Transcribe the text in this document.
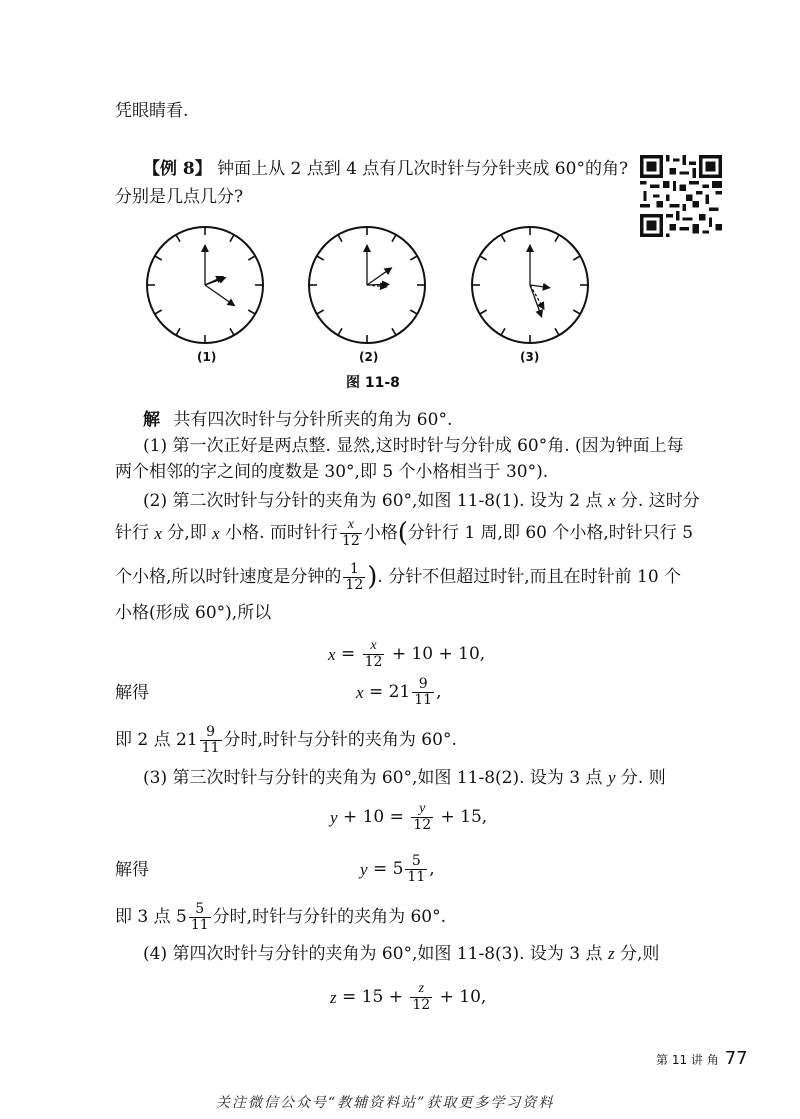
凭眼睛看.
【例 8】 钟面上从 2 点到 4 点有几次时针与分针夹成 60°的角?
分别是几点几分?
(1)	(2)	(3)
图 11-8
解 共有四次时针与分针所夹的角为 60°.
(1) 第一次正好是两点整. 显然,这时时针与分针成 60°角. (因为钟面上每
两个相邻的字之间的度数是 30°,即 5 个小格相当于 30°).
(2) 第二次时针与分针的夹角为 60°,如图 11-8(1). 设为 2 点 x 分. 这时分
针行
x
分,即
x
小格. 而时针行 $\frac{x}{12}$ 小格 ( 分针行 1 周,即 60 个小格,时针只行 5
个小格,所以时针速度是分钟的 $\frac{1}{12}$ ) . 分针不但超过时针,而且在时针前 10 个
小格(形成 60°),所以
$x = \frac{x}{12} + 10 + 10$,
解得	$x = 21 \frac{9}{11}$ ,
即 2 点 $21 \frac{9}{11}$ 分时,时针与分针的夹角为 60°.
(3) 第三次时针与分针的夹角为 60°,如图 11-8(2). 设为 3 点 y 分. 则
$y + 10 = \frac{y}{12} + 15$,
解得	$y = 5 \frac{5}{11}$ ,
即 3 点 $5 \frac{5}{11}$ 分时,时针与分针的夹角为 60°.
(4) 第四次时针与分针的夹角为 60°,如图 11-8(3). 设为 3 点 z 分,则
$z = 15 + \frac{z}{12} + 10$,
第 11 讲 角 77
关注微信公众号“教辅资料站”获取更多学习资料
